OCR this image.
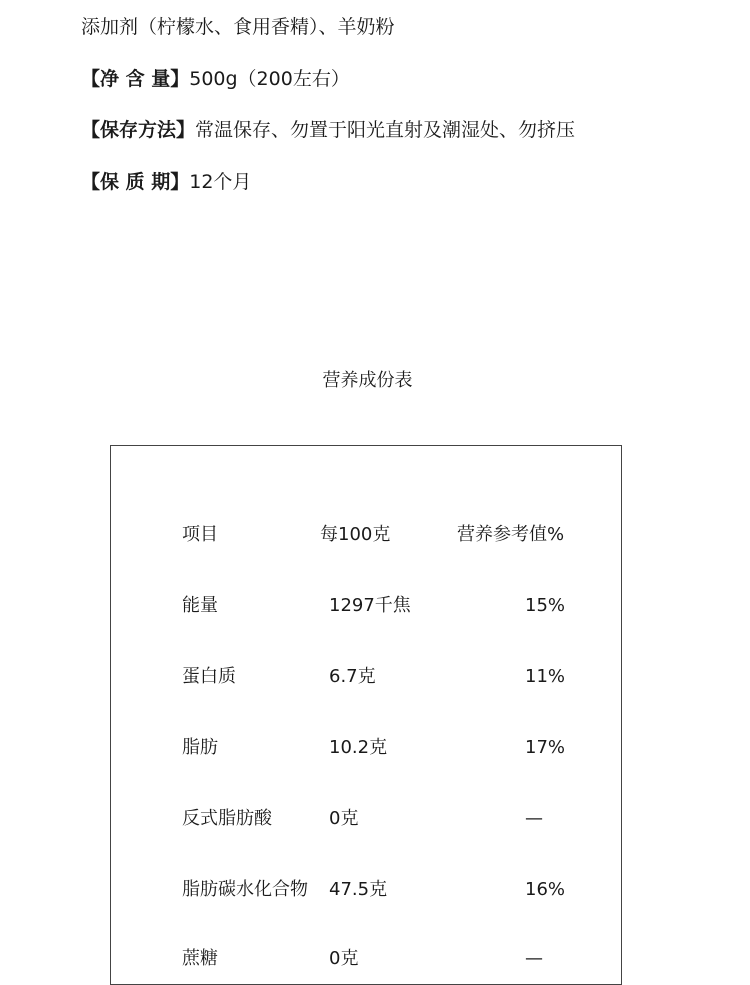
添加剂（柠檬水、食用香精）、羊奶粉
【净 含 量】500g（200左右）
【保存方法】常温保存、勿置于阳光直射及潮湿处、勿挤压
【保 质 期】12个月
营养成份表
项目	每100克	营养参考值%
能量	1297千焦	15%
蛋白质	6.7克	11%
脂肪	10.2克	17%
反式脂肪酸	0克	—
脂肪碳水化合物 47.5克	16%
蔗糖	0克	—
